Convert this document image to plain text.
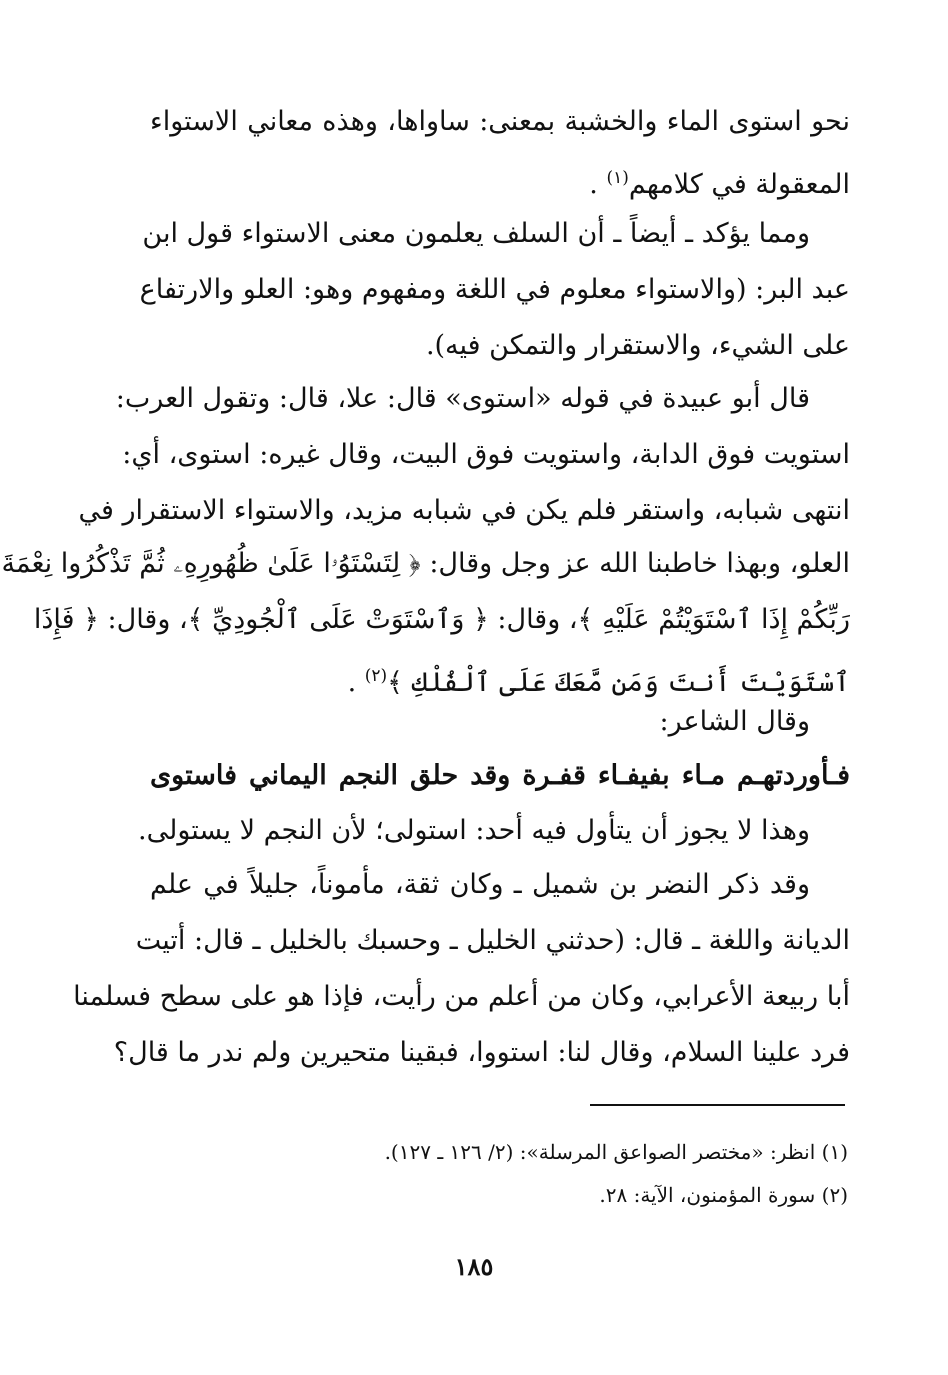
نحو استوى الماء والخشبة بمعنى: ساواها، وهذه معاني الاستواء
المعقولة في كلامهم$^{(١)}$ .
ومما يؤكد ـ أيضاً ـ أن السلف يعلمون معنى الاستواء قول ابن
عبد البر: (والاستواء معلوم في اللغة ومفهوم وهو: العلو والارتفاع
على الشيء، والاستقرار والتمكن فيه).
قال أبو عبيدة في قوله «استوى» قال: علا، قال: وتقول العرب:
استويت فوق الدابة، واستويت فوق البيت، وقال غيره: استوى، أي:
انتهى شبابه، واستقر فلم يكن في شبابه مزيد، والاستواء الاستقرار في
العلو، وبهذا خاطبنا الله عز وجل وقال: ﴿ لِتَسْتَوُۥا عَلَىٰ ظُهُورِهِۦ ثُمَّ تَذْكُرُوا نِعْمَةَ
رَبِّكُمْ إِذَا ٱسْتَوَيْتُمْ عَلَيْهِ ﴾، وقال: ﴿ وَٱسْتَوَتْ عَلَى ٱلْجُودِيِّ ﴾، وقال: ﴿ فَإِذَا
ٱسْتَوَيْتَ أَنتَ وَمَن مَّعَكَ عَلَى ٱلْفُلْكِ ﴾$^{(٢)}$ .
وقال الشاعر:
فـأوردتهـم مـاء بفيفـاء قفـرة وقد حلق النجم اليماني فاستوى
وهذا لا يجوز أن يتأول فيه أحد: استولى؛ لأن النجم لا يستولى.
وقد ذكر النضر بن شميل ـ وكان ثقة، مأموناً، جليلاً في علم
الديانة واللغة ـ قال: (حدثني الخليل ـ وحسبك بالخليل ـ قال: أتيت
أبا ربيعة الأعرابي، وكان من أعلم من رأيت، فإذا هو على سطح فسلمنا
فرد علينا السلام، وقال لنا: استووا، فبقينا متحيرين ولم ندر ما قال؟
(١) انظر: «مختصر الصواعق المرسلة»: (٢/ ١٢٦ ـ ١٢٧).
(٢) سورة المؤمنون، الآية: ٢٨.
١٨٥
